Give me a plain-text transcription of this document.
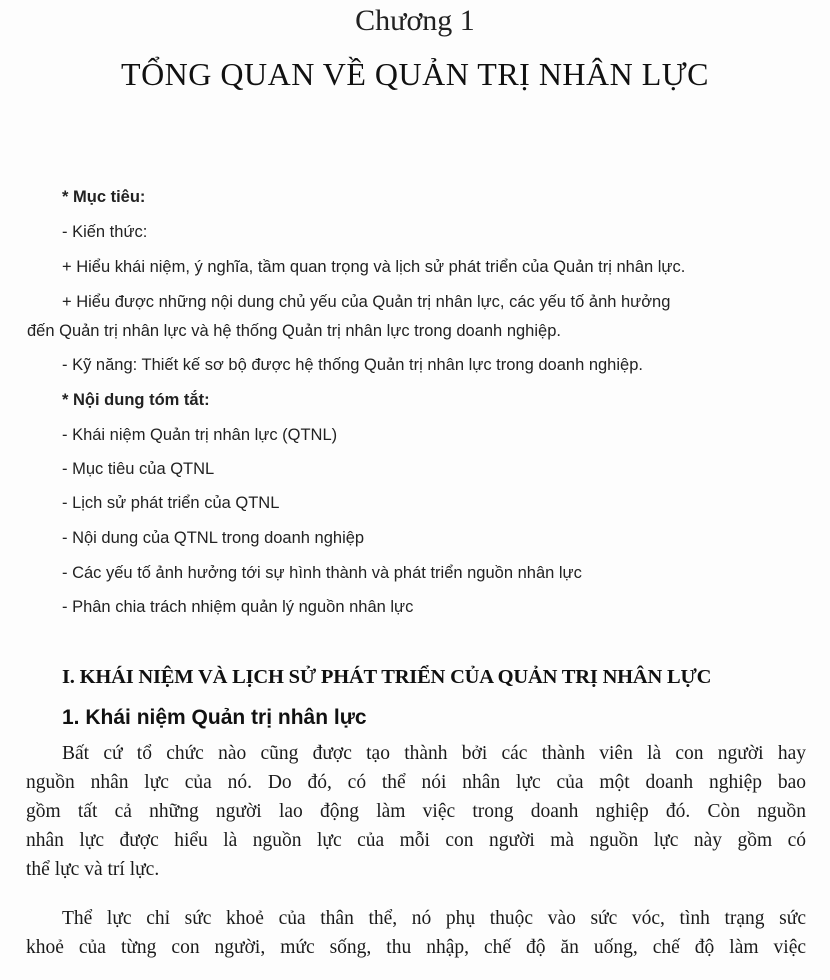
Chương 1
TỔNG QUAN VỀ QUẢN TRỊ NHÂN LỰC
* Mục tiêu:
- Kiến thức:
+ Hiểu khái niệm, ý nghĩa, tầm quan trọng và lịch sử phát triển của Quản trị nhân lực.
+ Hiểu được những nội dung chủ yếu của Quản trị nhân lực, các yếu tố ảnh hưởng
đến Quản trị nhân lực và hệ thống Quản trị nhân lực trong doanh nghiệp.
- Kỹ năng: Thiết kế sơ bộ được hệ thống Quản trị nhân lực trong doanh nghiệp.
* Nội dung tóm tắt:
- Khái niệm Quản trị nhân lực (QTNL)
- Mục tiêu của QTNL
- Lịch sử phát triển của QTNL
- Nội dung của QTNL trong doanh nghiệp
- Các yếu tố ảnh hưởng tới sự hình thành và phát triển nguồn nhân lực
- Phân chia trách nhiệm quản lý nguồn nhân lực
I. KHÁI NIỆM VÀ LỊCH SỬ PHÁT TRIỂN CỦA QUẢN TRỊ NHÂN LỰC
1. Khái niệm Quản trị nhân lực
Bất cứ tổ chức nào cũng được tạo thành bởi các thành viên là con người hay
nguồn nhân lực của nó. Do đó, có thể nói nhân lực của một doanh nghiệp bao
gồm tất cả những người lao động làm việc trong doanh nghiệp đó. Còn nguồn
nhân lực được hiểu là nguồn lực của mỗi con người mà nguồn lực này gồm có
thể lực và trí lực.
Thể lực chỉ sức khoẻ của thân thể, nó phụ thuộc vào sức vóc, tình trạng sức
khoẻ của từng con người, mức sống, thu nhập, chế độ ăn uống, chế độ làm việc
